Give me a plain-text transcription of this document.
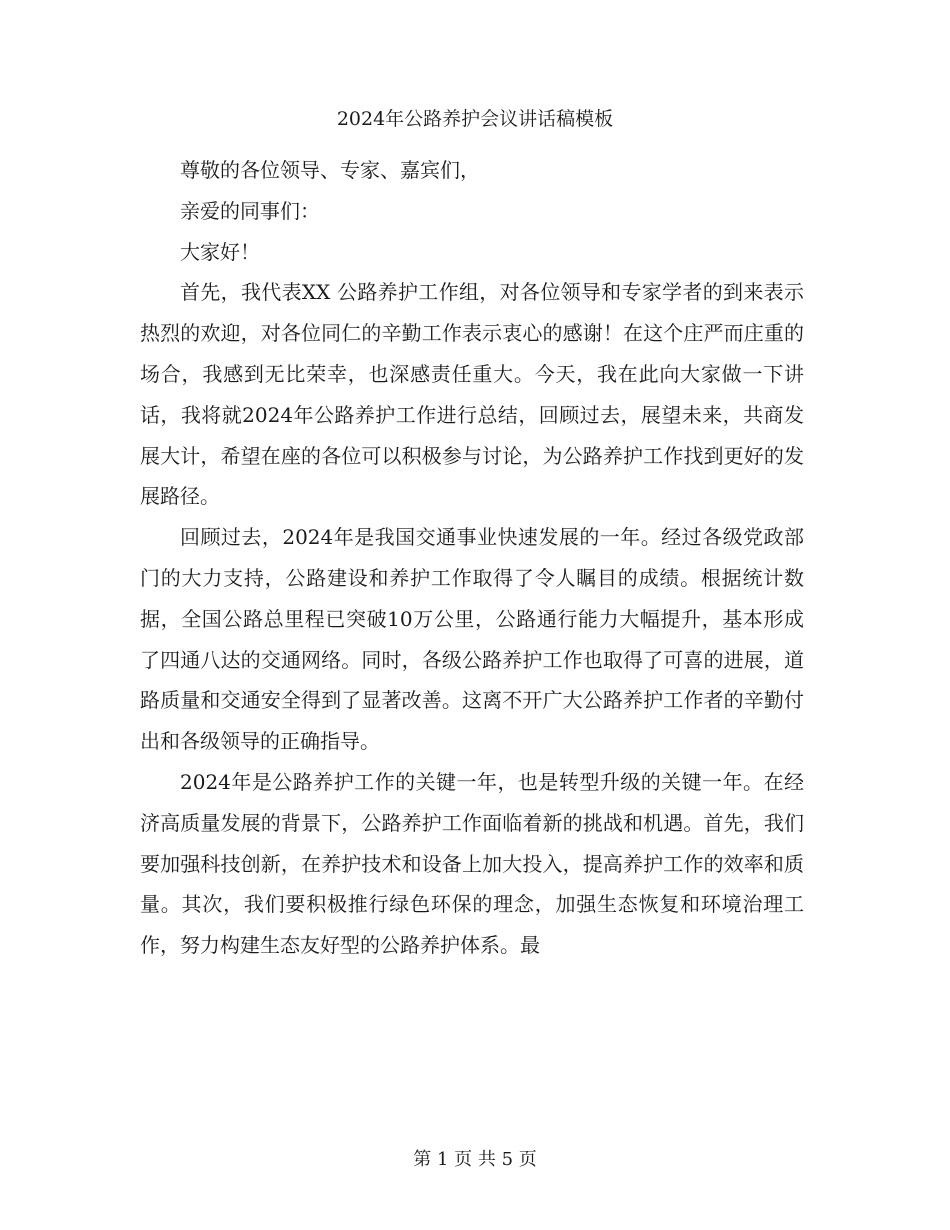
2024年公路养护会议讲话稿模板

尊敬的各位领导、专家、嘉宾们，

亲爱的同事们：

大家好！

首先，我代表XX 公路养护工作组，对各位领导和专家学者的到来表示热烈的欢迎，对各位同仁的辛勤工作表示衷心的感谢！在这个庄严而庄重的场合，我感到无比荣幸，也深感责任重大。今天，我在此向大家做一下讲话，我将就2024年公路养护工作进行总结，回顾过去，展望未来，共商发展大计，希望在座的各位可以积极参与讨论，为公路养护工作找到更好的发展路径。

回顾过去，2024年是我国交通事业快速发展的一年。经过各级党政部门的大力支持，公路建设和养护工作取得了令人瞩目的成绩。根据统计数据，全国公路总里程已突破10万公里，公路通行能力大幅提升，基本形成了四通八达的交通网络。同时，各级公路养护工作也取得了可喜的进展，道路质量和交通安全得到了显著改善。这离不开广大公路养护工作者的辛勤付出和各级领导的正确指导。

2024年是公路养护工作的关键一年，也是转型升级的关键一年。在经济高质量发展的背景下，公路养护工作面临着新的挑战和机遇。首先，我们要加强科技创新，在养护技术和设备上加大投入，提高养护工作的效率和质量。其次，我们要积极推行绿色环保的理念，加强生态恢复和环境治理工作，努力构建生态友好型的公路养护体系。最

第 1 页 共 5 页
